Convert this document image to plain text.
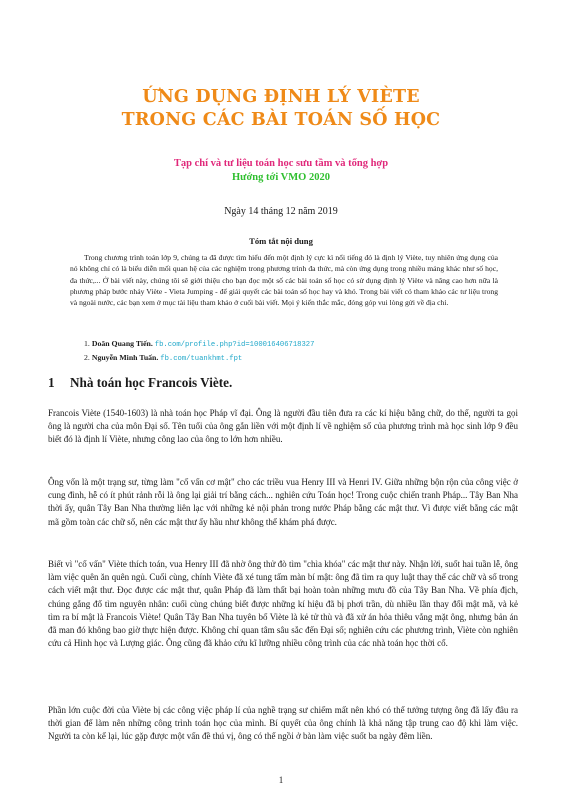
ỨNG DỤNG ĐỊNH LÝ VIÈTE
TRONG CÁC BÀI TOÁN SỐ HỌC
Tạp chí và tư liệu toán học sưu tầm và tổng hợp
Hướng tới VMO 2020
Ngày 14 tháng 12 năm 2019
Tóm tắt nội dung
Trong chương trình toán lớp 9, chúng ta đã được tìm hiểu đến một định lý cực kì nổi tiếng đó là định lý Viète, tuy nhiên ứng dụng của nó không chỉ có là biểu diễn mối quan hệ của các nghiệm trong phương trình đa thức, mà còn ứng dụng trong nhiều mảng khác như số học, đa thức,... Ở bài viết này, chúng tôi sẽ giới thiệu cho bạn đọc một số các bài toán số học có sử dụng định lý Viète và nâng cao hơn nữa là phương pháp bước nhảy Viète - Vieta Jumping - để giải quyết các bài toán số học hay và khó. Trong bài viết có tham khảo các tư liệu trong và ngoài nước, các bạn xem ở mục tài liệu tham khảo ở cuối bài viết. Mọi ý kiến thắc mắc, đóng góp vui lòng gửi về địa chỉ.
1. Doãn Quang Tiến. fb.com/profile.php?id=100016406718327
2. Nguyễn Minh Tuấn. fb.com/tuankhmt.fpt
1 Nhà toán học Francois Viète.
Francois Viète (1540-1603) là nhà toán học Pháp vĩ đại. Ông là người đầu tiên đưa ra các kí hiệu bằng chữ, do thế, người ta gọi ông là người cha của môn Đại số. Tên tuổi của ông gắn liền với một định lí về nghiệm số của phương trình mà học sinh lớp 9 đều biết đó là định lí Viète, nhưng công lao của ông to lớn hơn nhiều.
Ông vốn là một trạng sư, từng làm "cố vấn cơ mật" cho các triều vua Henry III và Henri IV. Giữa những bộn rộn của công việc ở cung đình, hễ có ít phút rảnh rỗi là ông lại giải trí bằng cách... nghiên cứu Toán học! Trong cuộc chiến tranh Pháp... Tây Ban Nha thời ấy, quân Tây Ban Nha thường liên lạc với những kẻ nội phản trong nước Pháp bằng các mật thư. Vì được viết bằng các mật mã gồm toàn các chữ số, nên các mật thư ấy hầu như không thể khám phá được.
Biết vì "cố vấn" Viète thích toán, vua Henry III đã nhờ ông thử đò tìm "chìa khóa" các mật thư này. Nhận lời, suốt hai tuần lễ, ông làm việc quên ăn quên ngủ. Cuối cùng, chính Viète đã xé tung tấm màn bí mật: ông đã tìm ra quy luật thay thế các chữ và số trong cách viết mật thư. Đọc được các mật thư, quân Pháp đã làm thất bại hoàn toàn những mưu đồ của Tây Ban Nha. Về phía địch, chúng gắng đổ tìm nguyên nhân: cuối cùng chúng biết được những kí hiệu đã bị phơi trần, dù nhiều lần thay đổi mật mã, và kẻ tìm ra bí mật là Francois Viète! Quân Tây Ban Nha tuyên bố Viète là kẻ tử thù và đã xử án hỏa thiêu vắng mặt ông, nhưng bản án đã man đó không bao giờ thực hiện được. Không chỉ quan tâm sâu sắc đến Đại số; nghiên cứu các phương trình, Viète còn nghiên cứu cả Hình học và Lượng giác. Ông cũng đã khảo cứu kĩ lưỡng nhiều công trình của các nhà toán học thời cổ.
Phần lớn cuộc đời của Viète bị các công việc pháp lí của nghề trạng sư chiếm mất nên khó có thể tưởng tượng ông đã lấy đâu ra thời gian để làm nên những công trình toán học của mình. Bí quyết của ông chính là khả năng tập trung cao độ khi làm việc. Người ta còn kể lại, lúc gặp được một vấn đề thú vị, ông có thể ngồi ở bàn làm việc suốt ba ngày đêm liền.
1
